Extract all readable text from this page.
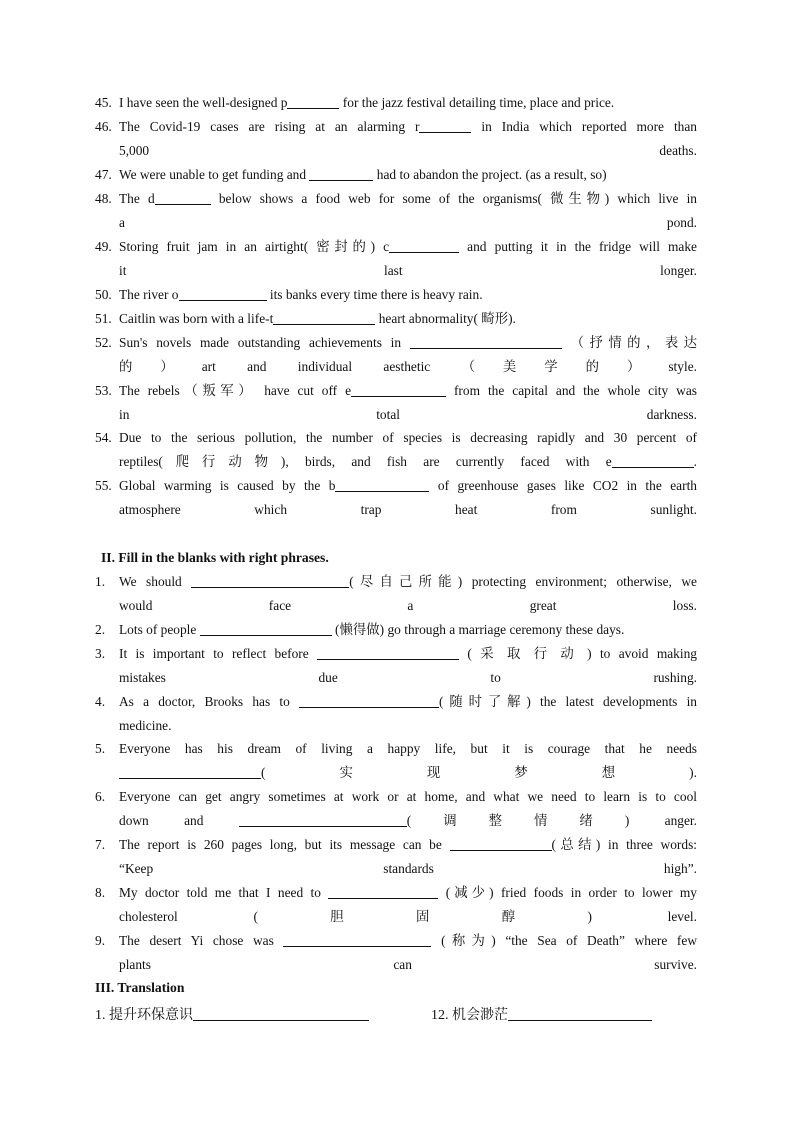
45. I have seen the well-designed p	for the jazz festival detailing time, place and price.
46. The Covid-19 cases are rising at an alarming r	in India which reported more than
5,000 deaths.
47. We were unable to get funding and	had to abandon the project. (as a result, so)
48. The d	below shows a food web for some of the organisms( 微生物) which live in
a pond.
49. Storing fruit jam in an airtight( 密封的) c	and putting it in the fridge will make
it last longer.
50. The river o	its banks every time there is heavy rain.
51. Caitlin was born with a life-t	heart abnormality( 畸形).
52. Sun's novels made outstanding achievements in	（抒情的，表达
的）art and individual aesthetic （美学的）style.
53. The rebels（叛军） have cut off e	from the capital and the whole city was
in total darkness.
54. Due to the serious pollution, the number of species is decreasing rapidly and 30 percent of
reptiles(爬行动物), birds, and fish are currently faced with e	.
55. Global warming is caused by the b	of greenhouse gases like CO2 in the earth
atmosphere which trap heat from sunlight.
II. Fill in the blanks with right phrases.
1. We should	(尽自己所能) protecting environment; otherwise, we
would face a great loss.
2. Lots of people	(懒得做) go through a marriage ceremony these days.
3. It is important to reflect before	( 采 取 行 动 ) to avoid making
mistakes due to rushing.
4. As a doctor, Brooks has to	(随时了解) the latest developments in
medicine.
5. Everyone has his dream of living a happy life, but it is courage that he needs
(实现梦想).
6. Everyone can get angry sometimes at work or at home, and what we need to learn is to cool
down and	(调整情绪) anger.
7. The report is 260 pages long, but its message can be	(总结) in three words:
“Keep standards high”.
8. My doctor told me that I need to	(减少) fried foods in order to lower my
cholesterol (胆固醇) level.
9. The desert Yi chose was	(称为) “the Sea of Death” where few
plants can survive.
III. Translation
1. 提升环保意识	12. 机会渺茫
